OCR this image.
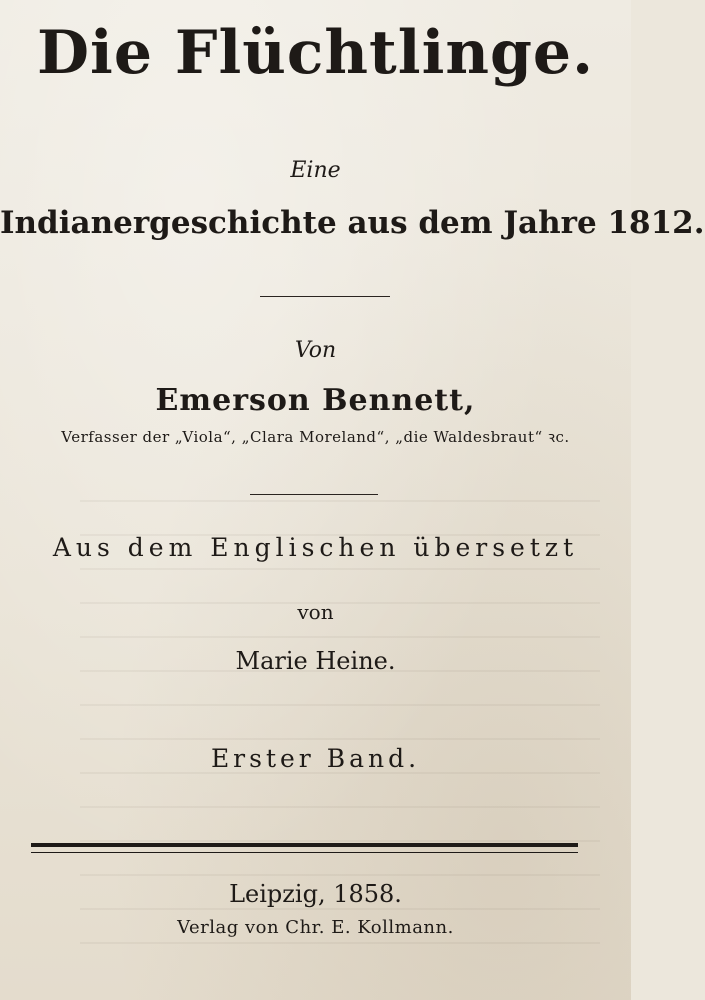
Die Flüchtlinge.
Eine
Indianergeschichte aus dem Jahre 1812.
Von
Emerson Bennett,
Verfasser der „Viola“, „Clara Moreland“, „die Waldesbraut“ ꝛc.
Aus dem Englischen übersetzt
von
Marie Heine.
Erster Band.
Leipzig, 1858.
Verlag von Chr. E. Kollmann.
